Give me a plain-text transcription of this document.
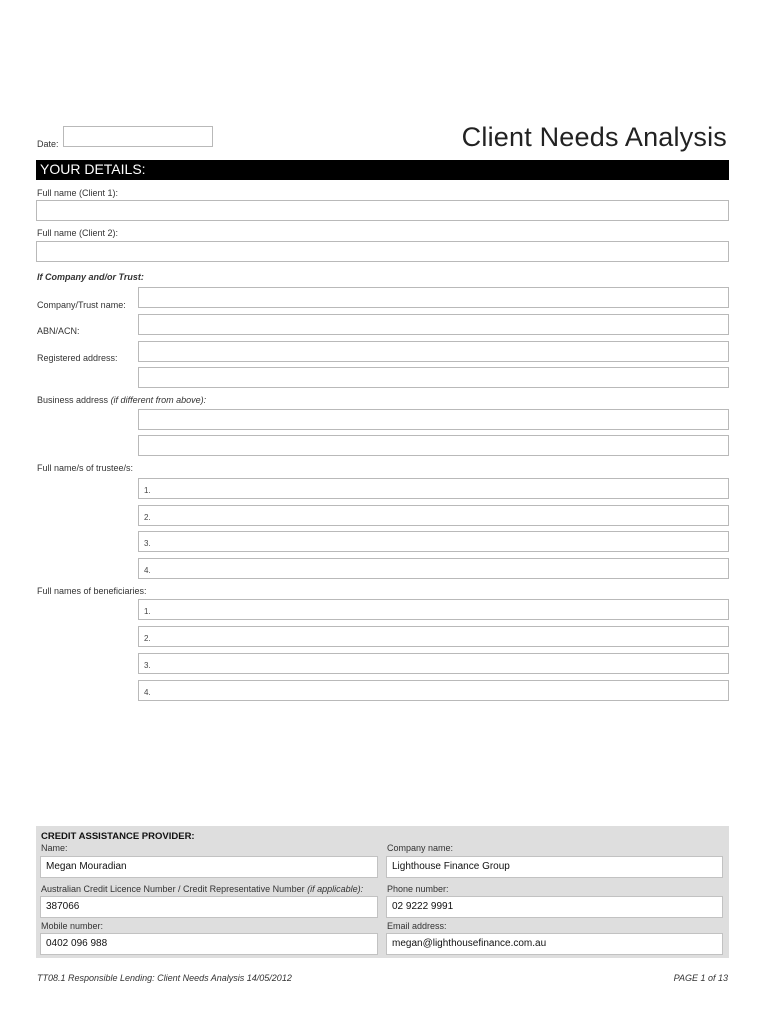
Date:	Client Needs Analysis
YOUR DETAILS:
Full name (Client 1):
Full name (Client 2):
If Company and/or Trust:
Company/Trust name:
ABN/ACN:
Registered address:
Business address (if different from above):
Full name/s of trustee/s:
1.
2.
3.
4.
Full names of beneficiaries:
1.
2.
3.
4.
CREDIT ASSISTANCE PROVIDER:
Name:
Megan Mouradian
Company name:
Lighthouse Finance Group
Australian Credit Licence Number / Credit Representative Number (if applicable):
387066
Phone number:
02 9222 9991
Mobile number:
0402 096 988
Email address:
megan@lighthousefinance.com.au
TT08.1 Responsible Lending: Client Needs Analysis 14/05/2012	PAGE 1 of 13
